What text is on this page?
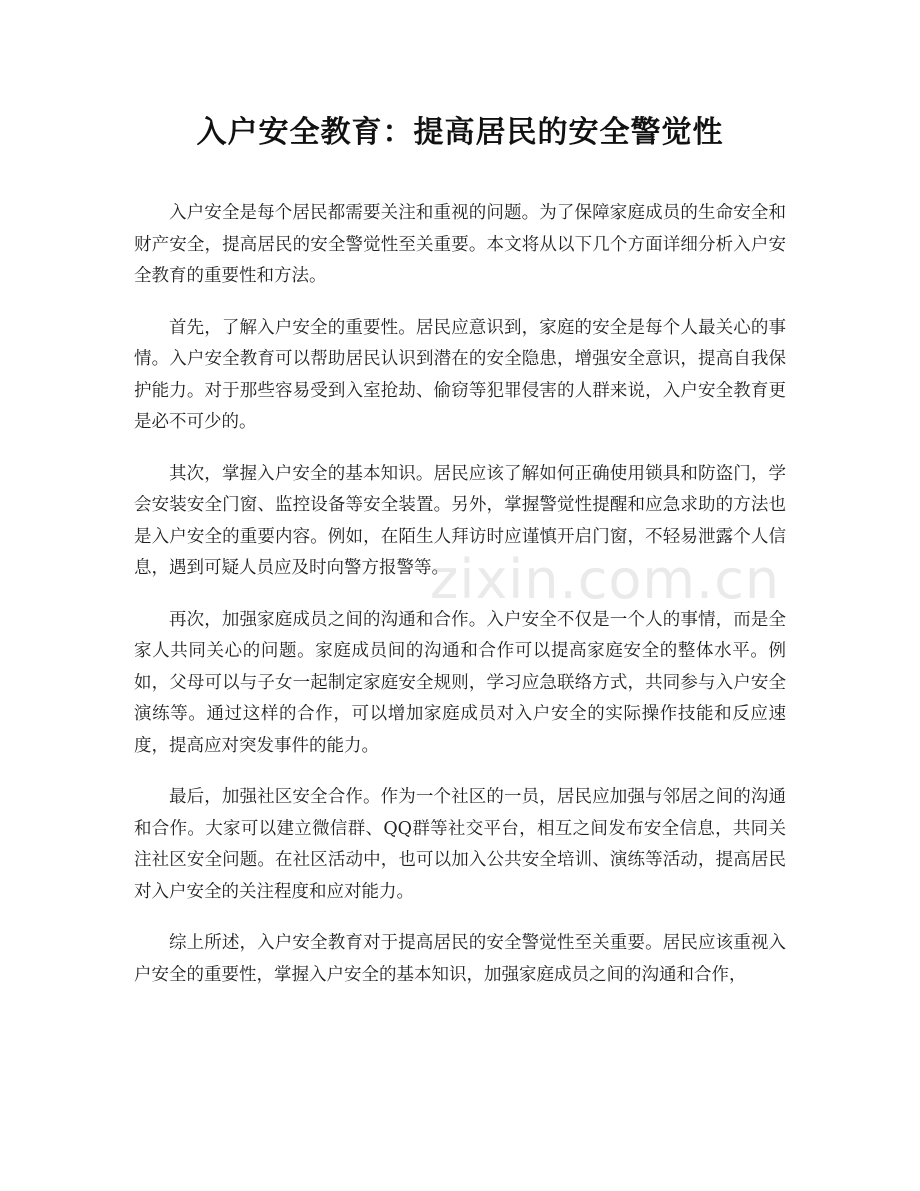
入户安全教育：提高居民的安全警觉性

入户安全是每个居民都需要关注和重视的问题。为了保障家庭成员的生命安全和财产安全，提高居民的安全警觉性至关重要。本文将从以下几个方面详细分析入户安全教育的重要性和方法。

首先，了解入户安全的重要性。居民应意识到，家庭的安全是每个人最关心的事情。入户安全教育可以帮助居民认识到潜在的安全隐患，增强安全意识，提高自我保护能力。对于那些容易受到入室抢劫、偷窃等犯罪侵害的人群来说，入户安全教育更是必不可少的。

其次，掌握入户安全的基本知识。居民应该了解如何正确使用锁具和防盗门，学会安装安全门窗、监控设备等安全装置。另外，掌握警觉性提醒和应急求助的方法也是入户安全的重要内容。例如，在陌生人拜访时应谨慎开启门窗，不轻易泄露个人信息，遇到可疑人员应及时向警方报警等。

再次，加强家庭成员之间的沟通和合作。入户安全不仅是一个人的事情，而是全家人共同关心的问题。家庭成员间的沟通和合作可以提高家庭安全的整体水平。例如，父母可以与子女一起制定家庭安全规则，学习应急联络方式，共同参与入户安全演练等。通过这样的合作，可以增加家庭成员对入户安全的实际操作技能和反应速度，提高应对突发事件的能力。

最后，加强社区安全合作。作为一个社区的一员，居民应加强与邻居之间的沟通和合作。大家可以建立微信群、QQ群等社交平台，相互之间发布安全信息，共同关注社区安全问题。在社区活动中，也可以加入公共安全培训、演练等活动，提高居民对入户安全的关注程度和应对能力。

综上所述，入户安全教育对于提高居民的安全警觉性至关重要。居民应该重视入户安全的重要性，掌握入户安全的基本知识，加强家庭成员之间的沟通和合作，

zixin.com.cn
